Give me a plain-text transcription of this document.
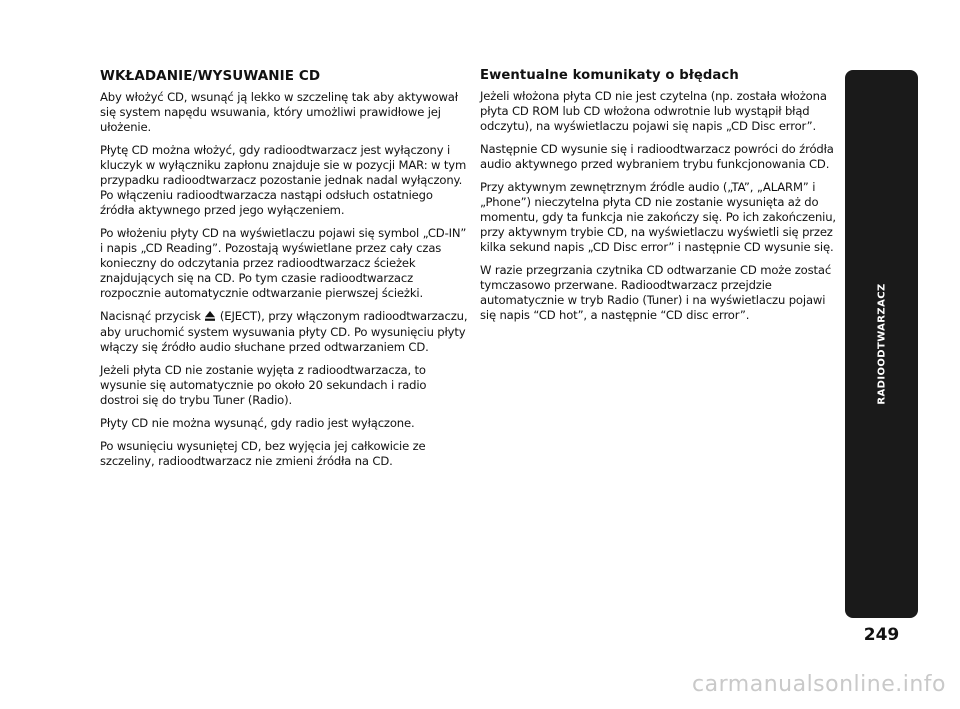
WKŁADANIE/WYSUWANIE CD

Aby włożyć CD, wsunąć ją lekko w szczelinę tak aby aktywował się system napędu wsuwania, który umożliwi prawidłowe jej ułożenie.

Płytę CD można włożyć, gdy radioodtwarzacz jest wyłączony i kluczyk w wyłączniku zapłonu znajduje sie w pozycji MAR: w tym przypadku radioodtwarzacz pozostanie jednak nadal wyłączony. Po włączeniu radioodtwarzacza nastąpi odsłuch ostatniego źródła aktywnego przed jego wyłączeniem.

Po włożeniu płyty CD na wyświetlaczu pojawi się symbol „CD-IN” i napis „CD Reading”. Pozostają wyświetlane przez cały czas konieczny do odczytania przez radioodtwarzacz ścieżek znajdujących się na CD. Po tym czasie radioodtwarzacz rozpocznie automatycznie odtwarzanie pierwszej ścieżki.

Nacisnąć przycisk (EJECT), przy włączonym radioodtwarzaczu, aby uruchomić system wysuwania płyty CD. Po wysunięciu płyty włączy się źródło audio słuchane przed odtwarzaniem CD.

Jeżeli płyta CD nie zostanie wyjęta z radioodtwarzacza, to wysunie się automatycznie po około 20 sekundach i radio dostroi się do trybu Tuner (Radio).

Płyty CD nie można wysunąć, gdy radio jest wyłączone.

Po wsunięciu wysuniętej CD, bez wyjęcia jej całkowicie ze szczeliny, radioodtwarzacz nie zmieni źródła na CD.

Ewentualne komunikaty o błędach

Jeżeli włożona płyta CD nie jest czytelna (np. została włożona płyta CD ROM lub CD włożona odwrotnie lub wystąpił błąd odczytu), na wyświetlaczu pojawi się napis „CD Disc error”.

Następnie CD wysunie się i radioodtwarzacz powróci do źródła audio aktywnego przed wybraniem trybu funkcjonowania CD.

Przy aktywnym zewnętrznym źródle audio („TA”, „ALARM” i „Phone”) nieczytelna płyta CD nie zostanie wysunięta aż do momentu, gdy ta funkcja nie zakończy się. Po ich zakończeniu, przy aktywnym trybie CD, na wyświetlaczu wyświetli się przez kilka sekund napis „CD Disc error” i następnie CD wysunie się.

W razie przegrzania czytnika CD odtwarzanie CD może zostać tymczasowo przerwane. Radioodtwarzacz przejdzie automatycznie w tryb Radio (Tuner) i na wyświetlaczu pojawi się napis “CD hot”, a następnie “CD disc error”.	RADIOODTWARZACZ
249
carmanualsonline.info
